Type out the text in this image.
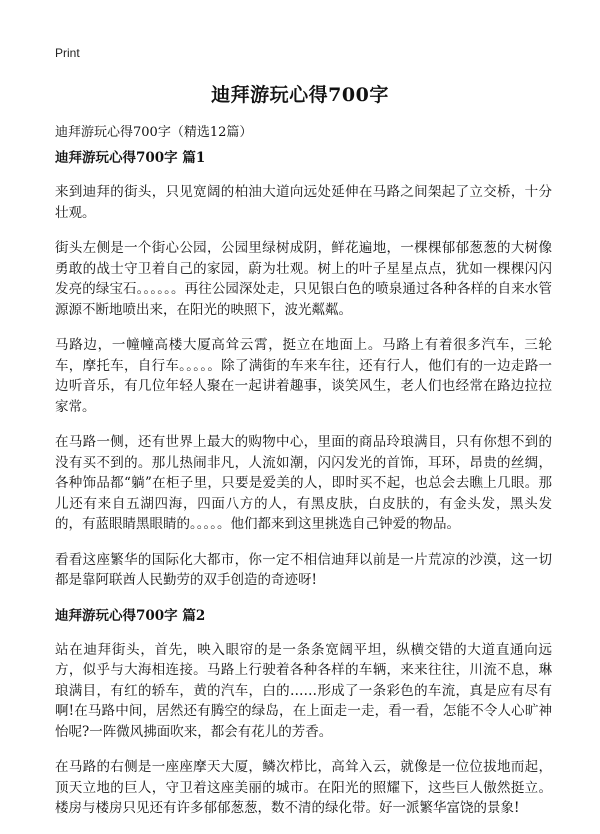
Print
迪拜游玩心得700字
迪拜游玩心得700字（精选12篇）
迪拜游玩心得700字 篇1

来到迪拜的街头，只见宽阔的柏油大道向远处延伸在马路之间架起了立交桥，十分壮观。

街头左侧是一个街心公园，公园里绿树成阴，鲜花遍地，一棵棵郁郁葱葱的大树像勇敢的战士守卫着自己的家园，蔚为壮观。树上的叶子星星点点，犹如一棵棵闪闪发亮的绿宝石。。。。。。再往公园深处走，只见银白色的喷泉通过各种各样的自来水管源源不断地喷出来，在阳光的映照下，波光粼粼。

马路边，一幢幢高楼大厦高耸云霄，挺立在地面上。马路上有着很多汽车，三轮车，摩托车，自行车。。。。。除了满街的车来车往，还有行人，他们有的一边走路一边听音乐，有几位年轻人聚在一起讲着趣事，谈笑风生，老人们也经常在路边拉拉家常。

在马路一侧，还有世界上最大的购物中心，里面的商品玲琅满目，只有你想不到的没有买不到的。那儿热闹非凡，人流如潮，闪闪发光的首饰，耳环，昂贵的丝绸，各种饰品都“躺”在柜子里，只要是爱美的人，即时买不起，也总会去瞧上几眼。那儿还有来自五湖四海，四面八方的人，有黑皮肤，白皮肤的，有金头发，黑头发的，有蓝眼睛黑眼睛的。。。。。他们都来到这里挑选自己钟爱的物品。

看看这座繁华的国际化大都市，你一定不相信迪拜以前是一片荒凉的沙漠，这一切都是靠阿联酋人民勤劳的双手创造的奇迹呀!

迪拜游玩心得700字 篇2

站在迪拜街头，首先，映入眼帘的是一条条宽阔平坦，纵横交错的大道直通向远方，似乎与大海相连接。马路上行驶着各种各样的车辆，来来往往，川流不息，琳琅满目，有红的轿车，黄的汽车，白的……形成了一条彩色的车流，真是应有尽有啊!在马路中间，居然还有腾空的绿岛，在上面走一走，看一看，怎能不令人心旷神怡呢?一阵微风拂面吹来，都会有花儿的芳香。

在马路的右侧是一座座摩天大厦，鳞次栉比，高耸入云，就像是一位位拔地而起，顶天立地的巨人，守卫着这座美丽的城市。在阳光的照耀下，这些巨人傲然挺立。楼房与楼房只见还有许多郁郁葱葱，数不清的绿化带。好一派繁华富饶的景象!
